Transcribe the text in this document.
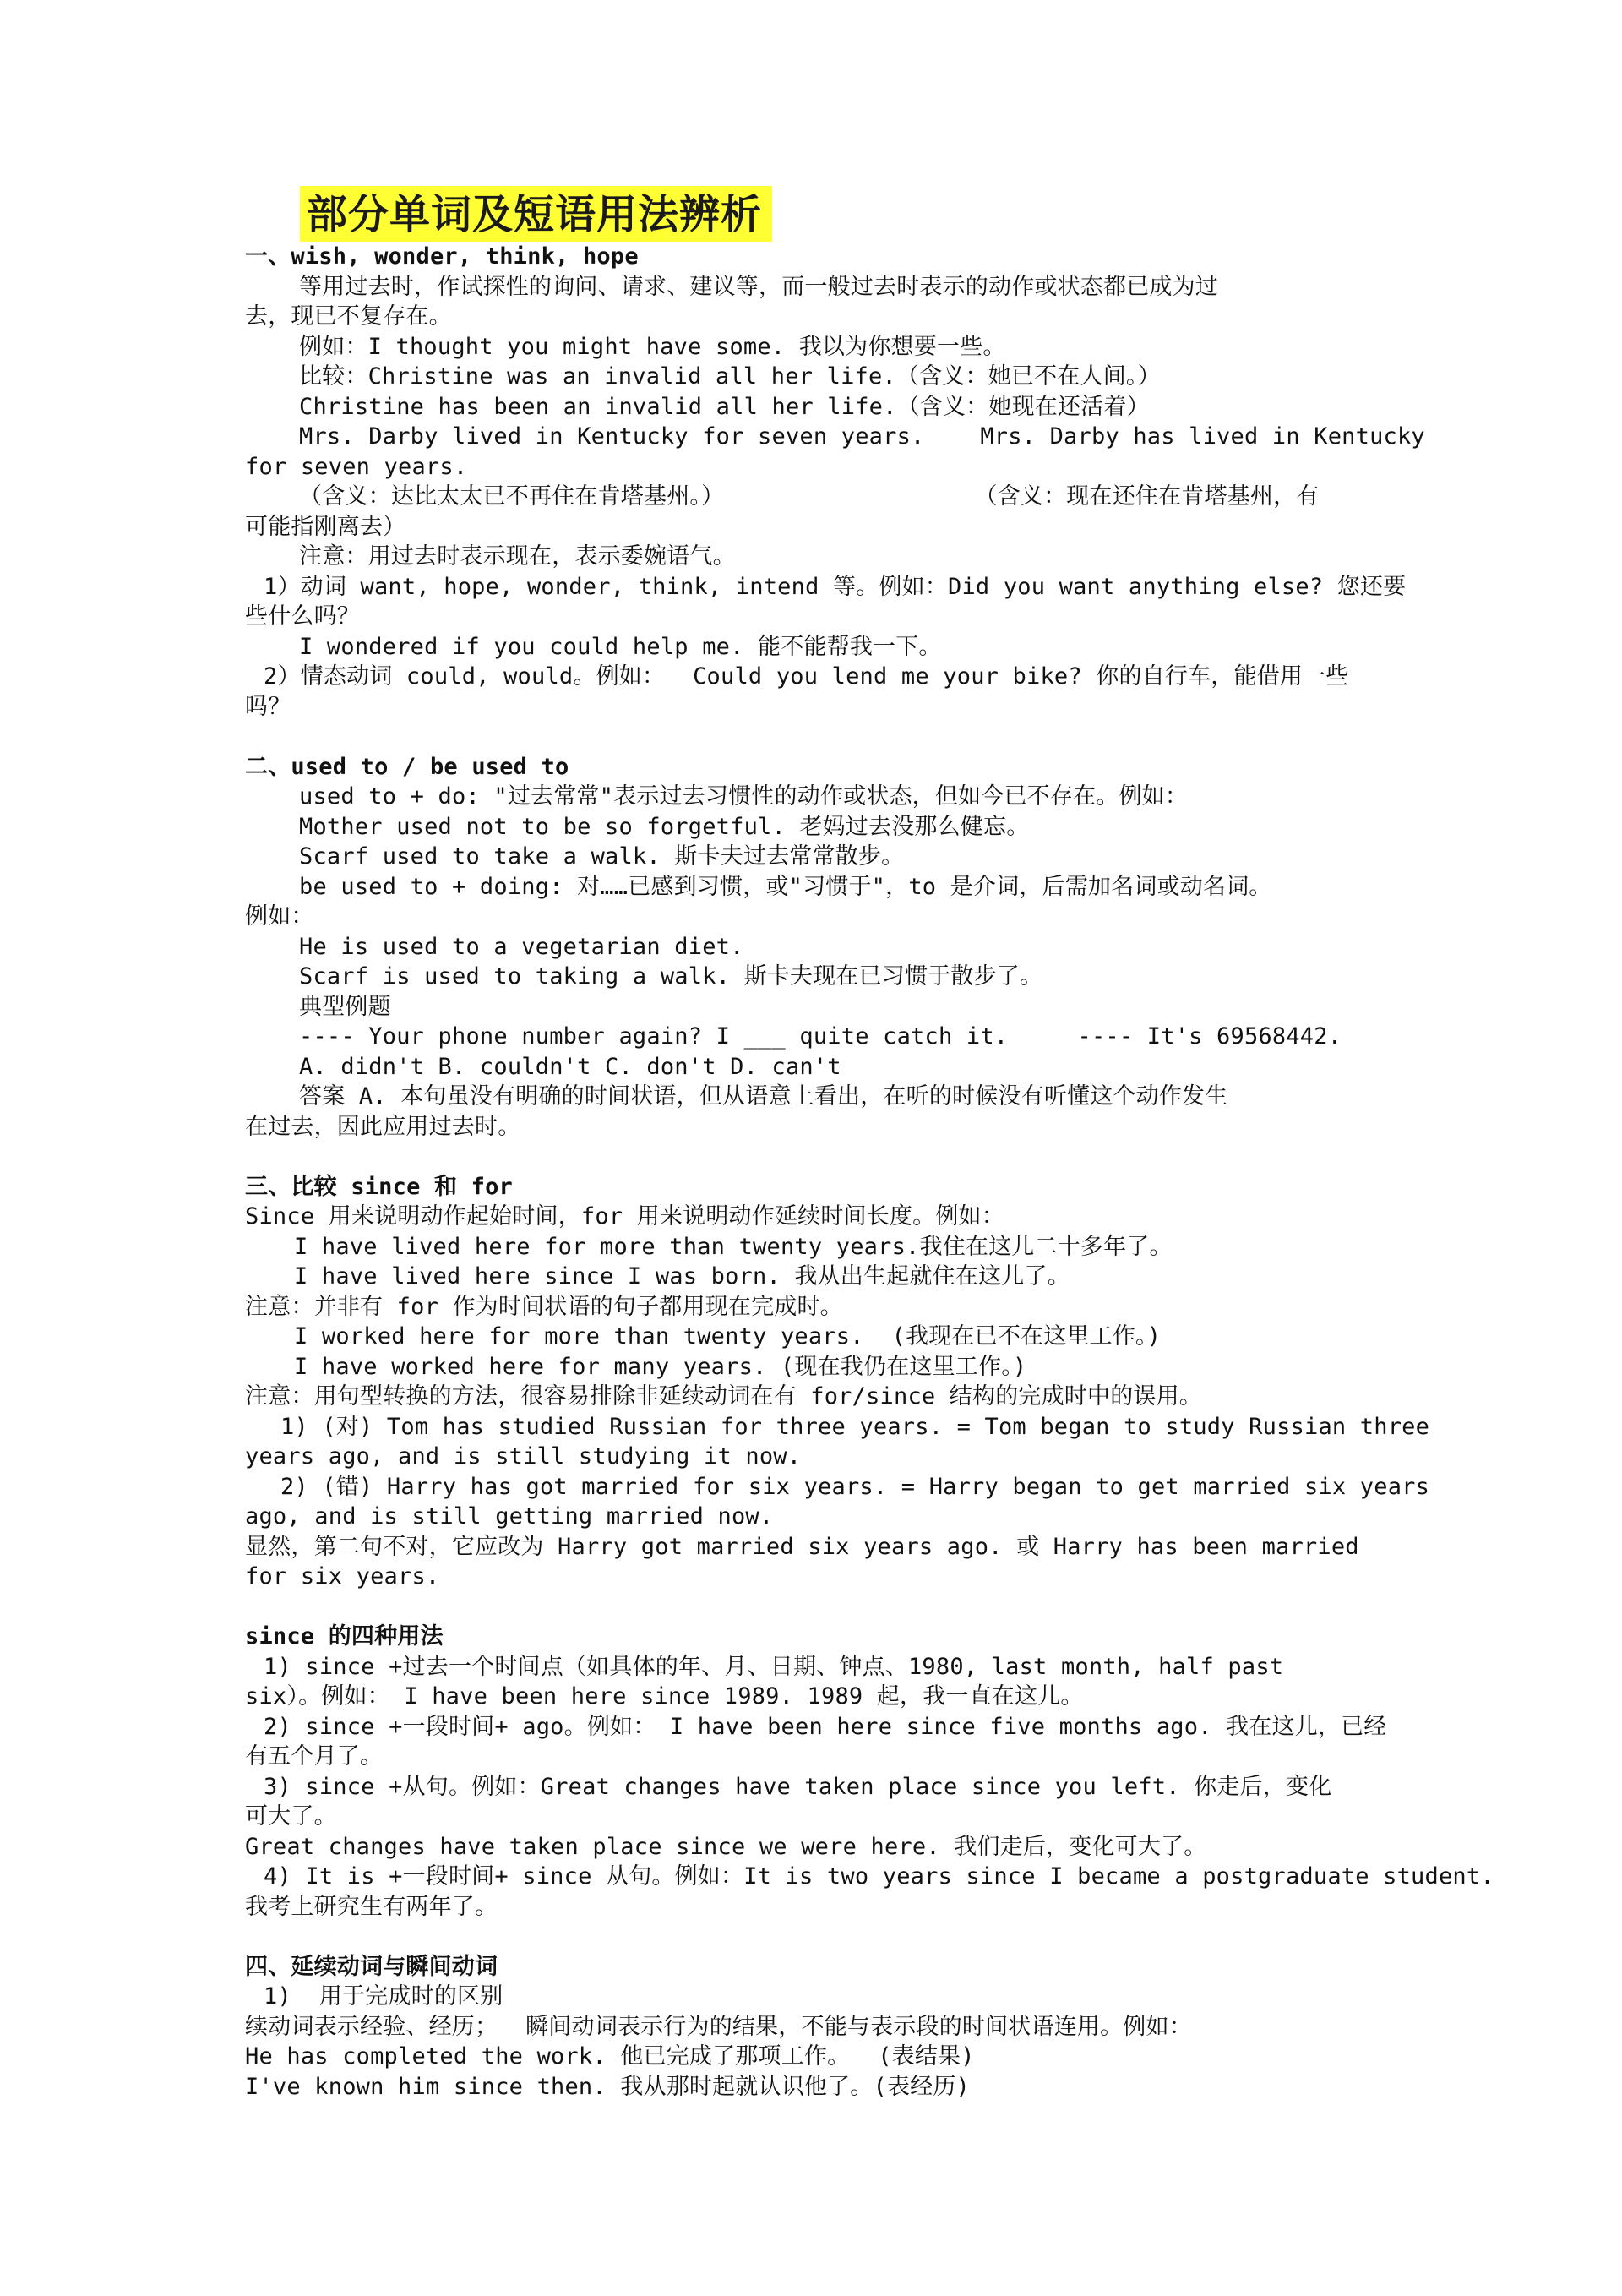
部分单词及短语用法辨析
一、wish, wonder, think, hope
等用过去时，作试探性的询问、请求、建议等，而一般过去时表示的动作或状态都已成为过
去，现已不复存在。
例如：I thought you might have some. 我以为你想要一些。
比较：Christine was an invalid all her life.（含义：她已不在人间。）
Christine has been an invalid all her life.（含义：她现在还活着）
Mrs. Darby lived in Kentucky for seven years.    Mrs. Darby has lived in Kentucky
for seven years.
（含义：达比太太已不再住在肯塔基州。）                  （含义：现在还住在肯塔基州，有
可能指刚离去）
注意：用过去时表示现在，表示委婉语气。
1）动词 want, hope, wonder, think, intend 等。例如：Did you want anything else? 您还要
些什么吗？
I wondered if you could help me. 能不能帮我一下。
2）情态动词 could, would。例如：  Could you lend me your bike? 你的自行车，能借用一些
吗？
二、used to / be used to
used to + do: "过去常常"表示过去习惯性的动作或状态，但如今已不存在。例如：
Mother used not to be so forgetful. 老妈过去没那么健忘。
Scarf used to take a walk. 斯卡夫过去常常散步。
be used to + doing: 对……已感到习惯，或"习惯于"，to 是介词，后需加名词或动名词。
例如：
He is used to a vegetarian diet.
Scarf is used to taking a walk. 斯卡夫现在已习惯于散步了。
典型例题
---- Your phone number again? I ___ quite catch it.     ---- It's 69568442.
A. didn't B. couldn't C. don't D. can't
答案 A. 本句虽没有明确的时间状语，但从语意上看出，在听的时候没有听懂这个动作发生
在过去，因此应用过去时。
三、比较 since 和 for
Since 用来说明动作起始时间，for 用来说明动作延续时间长度。例如：
I have lived here for more than twenty years.我住在这儿二十多年了。
I have lived here since I was born. 我从出生起就住在这儿了。
注意：并非有 for 作为时间状语的句子都用现在完成时。
I worked here for more than twenty years.  (我现在已不在这里工作。)
I have worked here for many years. (现在我仍在这里工作。)
注意：用句型转换的方法，很容易排除非延续动词在有 for/since 结构的完成时中的误用。
1) (对) Tom has studied Russian for three years. = Tom began to study Russian three
years ago, and is still studying it now.
2) (错) Harry has got married for six years. = Harry began to get married six years
ago, and is still getting married now.
显然，第二句不对，它应改为 Harry got married six years ago. 或 Harry has been married
for six years.
since 的四种用法
1) since +过去一个时间点（如具体的年、月、日期、钟点、1980, last month, half past
six）。例如： I have been here since 1989. 1989 起，我一直在这儿。
2) since +一段时间+ ago。例如： I have been here since five months ago. 我在这儿，已经
有五个月了。
3) since +从句。例如：Great changes have taken place since you left. 你走后，变化
可大了。
Great changes have taken place since we were here. 我们走后，变化可大了。
4) It is +一段时间+ since 从句。例如：It is two years since I became a postgraduate student.
我考上研究生有两年了。
四、延续动词与瞬间动词
1)  用于完成时的区别
续动词表示经验、经历；  瞬间动词表示行为的结果，不能与表示段的时间状语连用。例如：
He has completed the work. 他已完成了那项工作。  (表结果)
I've known him since then. 我从那时起就认识他了。(表经历)
